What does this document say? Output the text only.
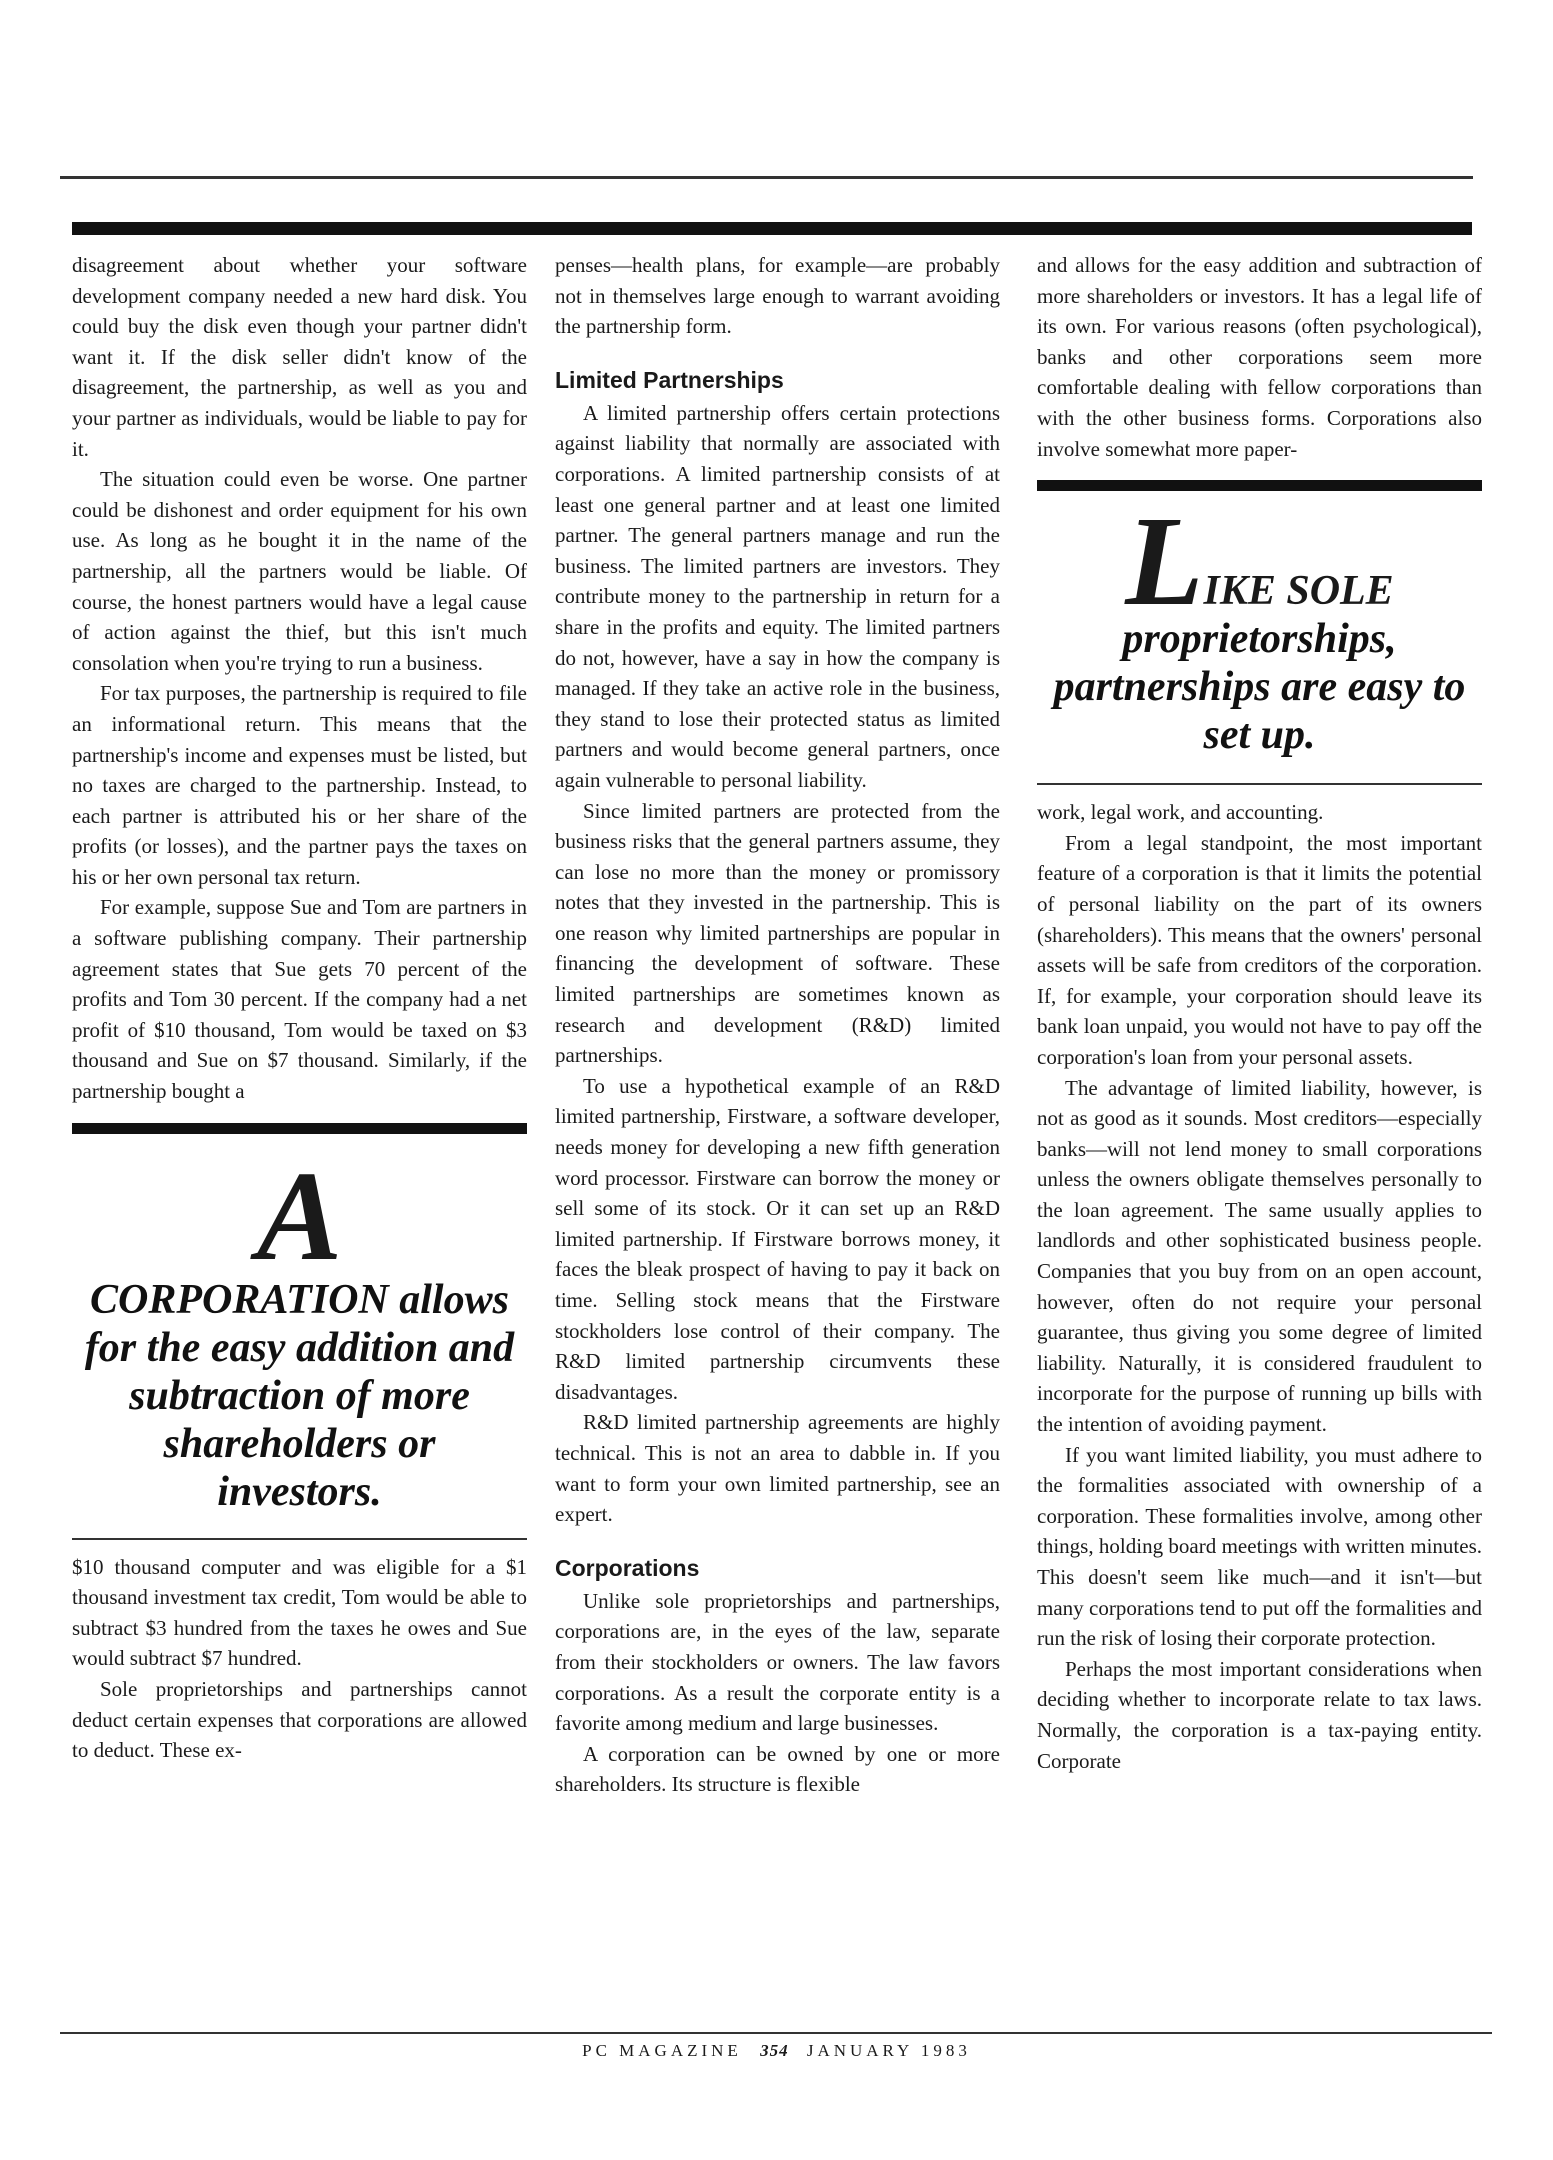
disagreement about whether your software development company needed a new hard disk. You could buy the disk even though your partner didn't want it. If the disk seller didn't know of the disagreement, the partnership, as well as you and your partner as individuals, would be liable to pay for it.

The situation could even be worse. One partner could be dishonest and order equipment for his own use. As long as he bought it in the name of the partnership, all the partners would be liable. Of course, the honest partners would have a legal cause of action against the thief, but this isn't much consolation when you're trying to run a business.

For tax purposes, the partnership is required to file an informational return. This means that the partnership's income and expenses must be listed, but no taxes are charged to the partnership. Instead, to each partner is attributed his or her share of the profits (or losses), and the partner pays the taxes on his or her own personal tax return.

For example, suppose Sue and Tom are partners in a software publishing company. Their partnership agreement states that Sue gets 70 percent of the profits and Tom 30 percent. If the company had a net profit of $10 thousand, Tom would be taxed on $3 thousand and Sue on $7 thousand. Similarly, if the partnership bought a

A
CORPORATION allows for the easy addition and subtraction of more shareholders or investors.

$10 thousand computer and was eligible for a $1 thousand investment tax credit, Tom would be able to subtract $3 hundred from the taxes he owes and Sue would subtract $7 hundred.

Sole proprietorships and partnerships cannot deduct certain expenses that corporations are allowed to deduct. These ex-

penses—health plans, for example—are probably not in themselves large enough to warrant avoiding the partnership form.

Limited Partnerships

A limited partnership offers certain protections against liability that normally are associated with corporations. A limited partnership consists of at least one general partner and at least one limited partner. The general partners manage and run the business. The limited partners are investors. They contribute money to the partnership in return for a share in the profits and equity. The limited partners do not, however, have a say in how the company is managed. If they take an active role in the business, they stand to lose their protected status as limited partners and would become general partners, once again vulnerable to personal liability.

Since limited partners are protected from the business risks that the general partners assume, they can lose no more than the money or promissory notes that they invested in the partnership. This is one reason why limited partnerships are popular in financing the development of software. These limited partnerships are sometimes known as research and development (R&D) limited partnerships.

To use a hypothetical example of an R&D limited partnership, Firstware, a software developer, needs money for developing a new fifth generation word processor. Firstware can borrow the money or sell some of its stock. Or it can set up an R&D limited partnership. If Firstware borrows money, it faces the bleak prospect of having to pay it back on time. Selling stock means that the Firstware stockholders lose control of their company. The R&D limited partnership circumvents these disadvantages.

R&D limited partnership agreements are highly technical. This is not an area to dabble in. If you want to form your own limited partnership, see an expert.

Corporations

Unlike sole proprietorships and partnerships, corporations are, in the eyes of the law, separate from their stockholders or owners. The law favors corporations. As a result the corporate entity is a favorite among medium and large businesses.

A corporation can be owned by one or more shareholders. Its structure is flexible

and allows for the easy addition and subtraction of more shareholders or investors. It has a legal life of its own. For various reasons (often psychological), banks and other corporations seem more comfortable dealing with fellow corporations than with the other business forms. Corporations also involve somewhat more paper-

LIKE SOLE
proprietorships, partnerships are easy to set up.

work, legal work, and accounting.

From a legal standpoint, the most important feature of a corporation is that it limits the potential of personal liability on the part of its owners (shareholders). This means that the owners' personal assets will be safe from creditors of the corporation. If, for example, your corporation should leave its bank loan unpaid, you would not have to pay off the corporation's loan from your personal assets.

The advantage of limited liability, however, is not as good as it sounds. Most creditors—especially banks—will not lend money to small corporations unless the owners obligate themselves personally to the loan agreement. The same usually applies to landlords and other sophisticated business people. Companies that you buy from on an open account, however, often do not require your personal guarantee, thus giving you some degree of limited liability. Naturally, it is considered fraudulent to incorporate for the purpose of running up bills with the intention of avoiding payment.

If you want limited liability, you must adhere to the formalities associated with ownership of a corporation. These formalities involve, among other things, holding board meetings with written minutes. This doesn't seem like much—and it isn't—but many corporations tend to put off the formalities and run the risk of losing their corporate protection.

Perhaps the most important considerations when deciding whether to incorporate relate to tax laws. Normally, the corporation is a tax-paying entity. Corporate

PC MAGAZINE 354 JANUARY 1983
